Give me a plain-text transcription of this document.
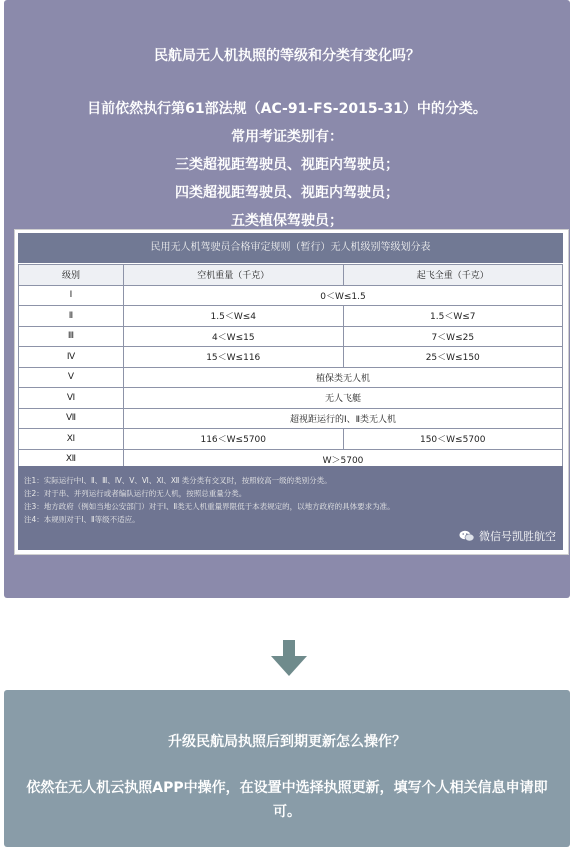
民航局无人机执照的等级和分类有变化吗？
目前依然执行第61部法规（AC-91-FS-2015-31）中的分类。
常用考证类别有：
三类超视距驾驶员、视距内驾驶员；
四类超视距驾驶员、视距内驾驶员；
五类植保驾驶员；
民用无人机驾驶员合格审定规则（暂行）无人机级别等级划分表
级别	空机重量（千克）	起飞全重（千克）
Ⅰ	0＜W≤1.5	
Ⅱ	1.5＜W≤4	1.5＜W≤7
Ⅲ	4＜W≤15	7＜W≤25
Ⅳ	15＜W≤116	25＜W≤150
Ⅴ	植保类无人机	
Ⅵ	无人飞艇	
Ⅶ	超视距运行的Ⅰ、Ⅱ类无人机	
Ⅺ	116＜W≤5700	150＜W≤5700
Ⅻ	W＞5700	
注1：实际运行中Ⅰ、Ⅱ、Ⅲ、Ⅳ、Ⅴ、Ⅵ、Ⅺ、Ⅻ 类分类有交叉时，按照较高一级的类别分类。
注2：对于串、并列运行或者编队运行的无人机，按照总重量分类。
注3：地方政府（例如当地公安部门）对于Ⅰ、Ⅱ类无人机重量界限低于本表规定的，以地方政府的具体要求为准。
注4：本规则对于Ⅰ、Ⅱ等级不适应。
微信号凯胜航空
升级民航局执照后到期更新怎么操作？
依然在无人机云执照APP中操作，在设置中选择执照更新，填写个人相关信息申请即可。
